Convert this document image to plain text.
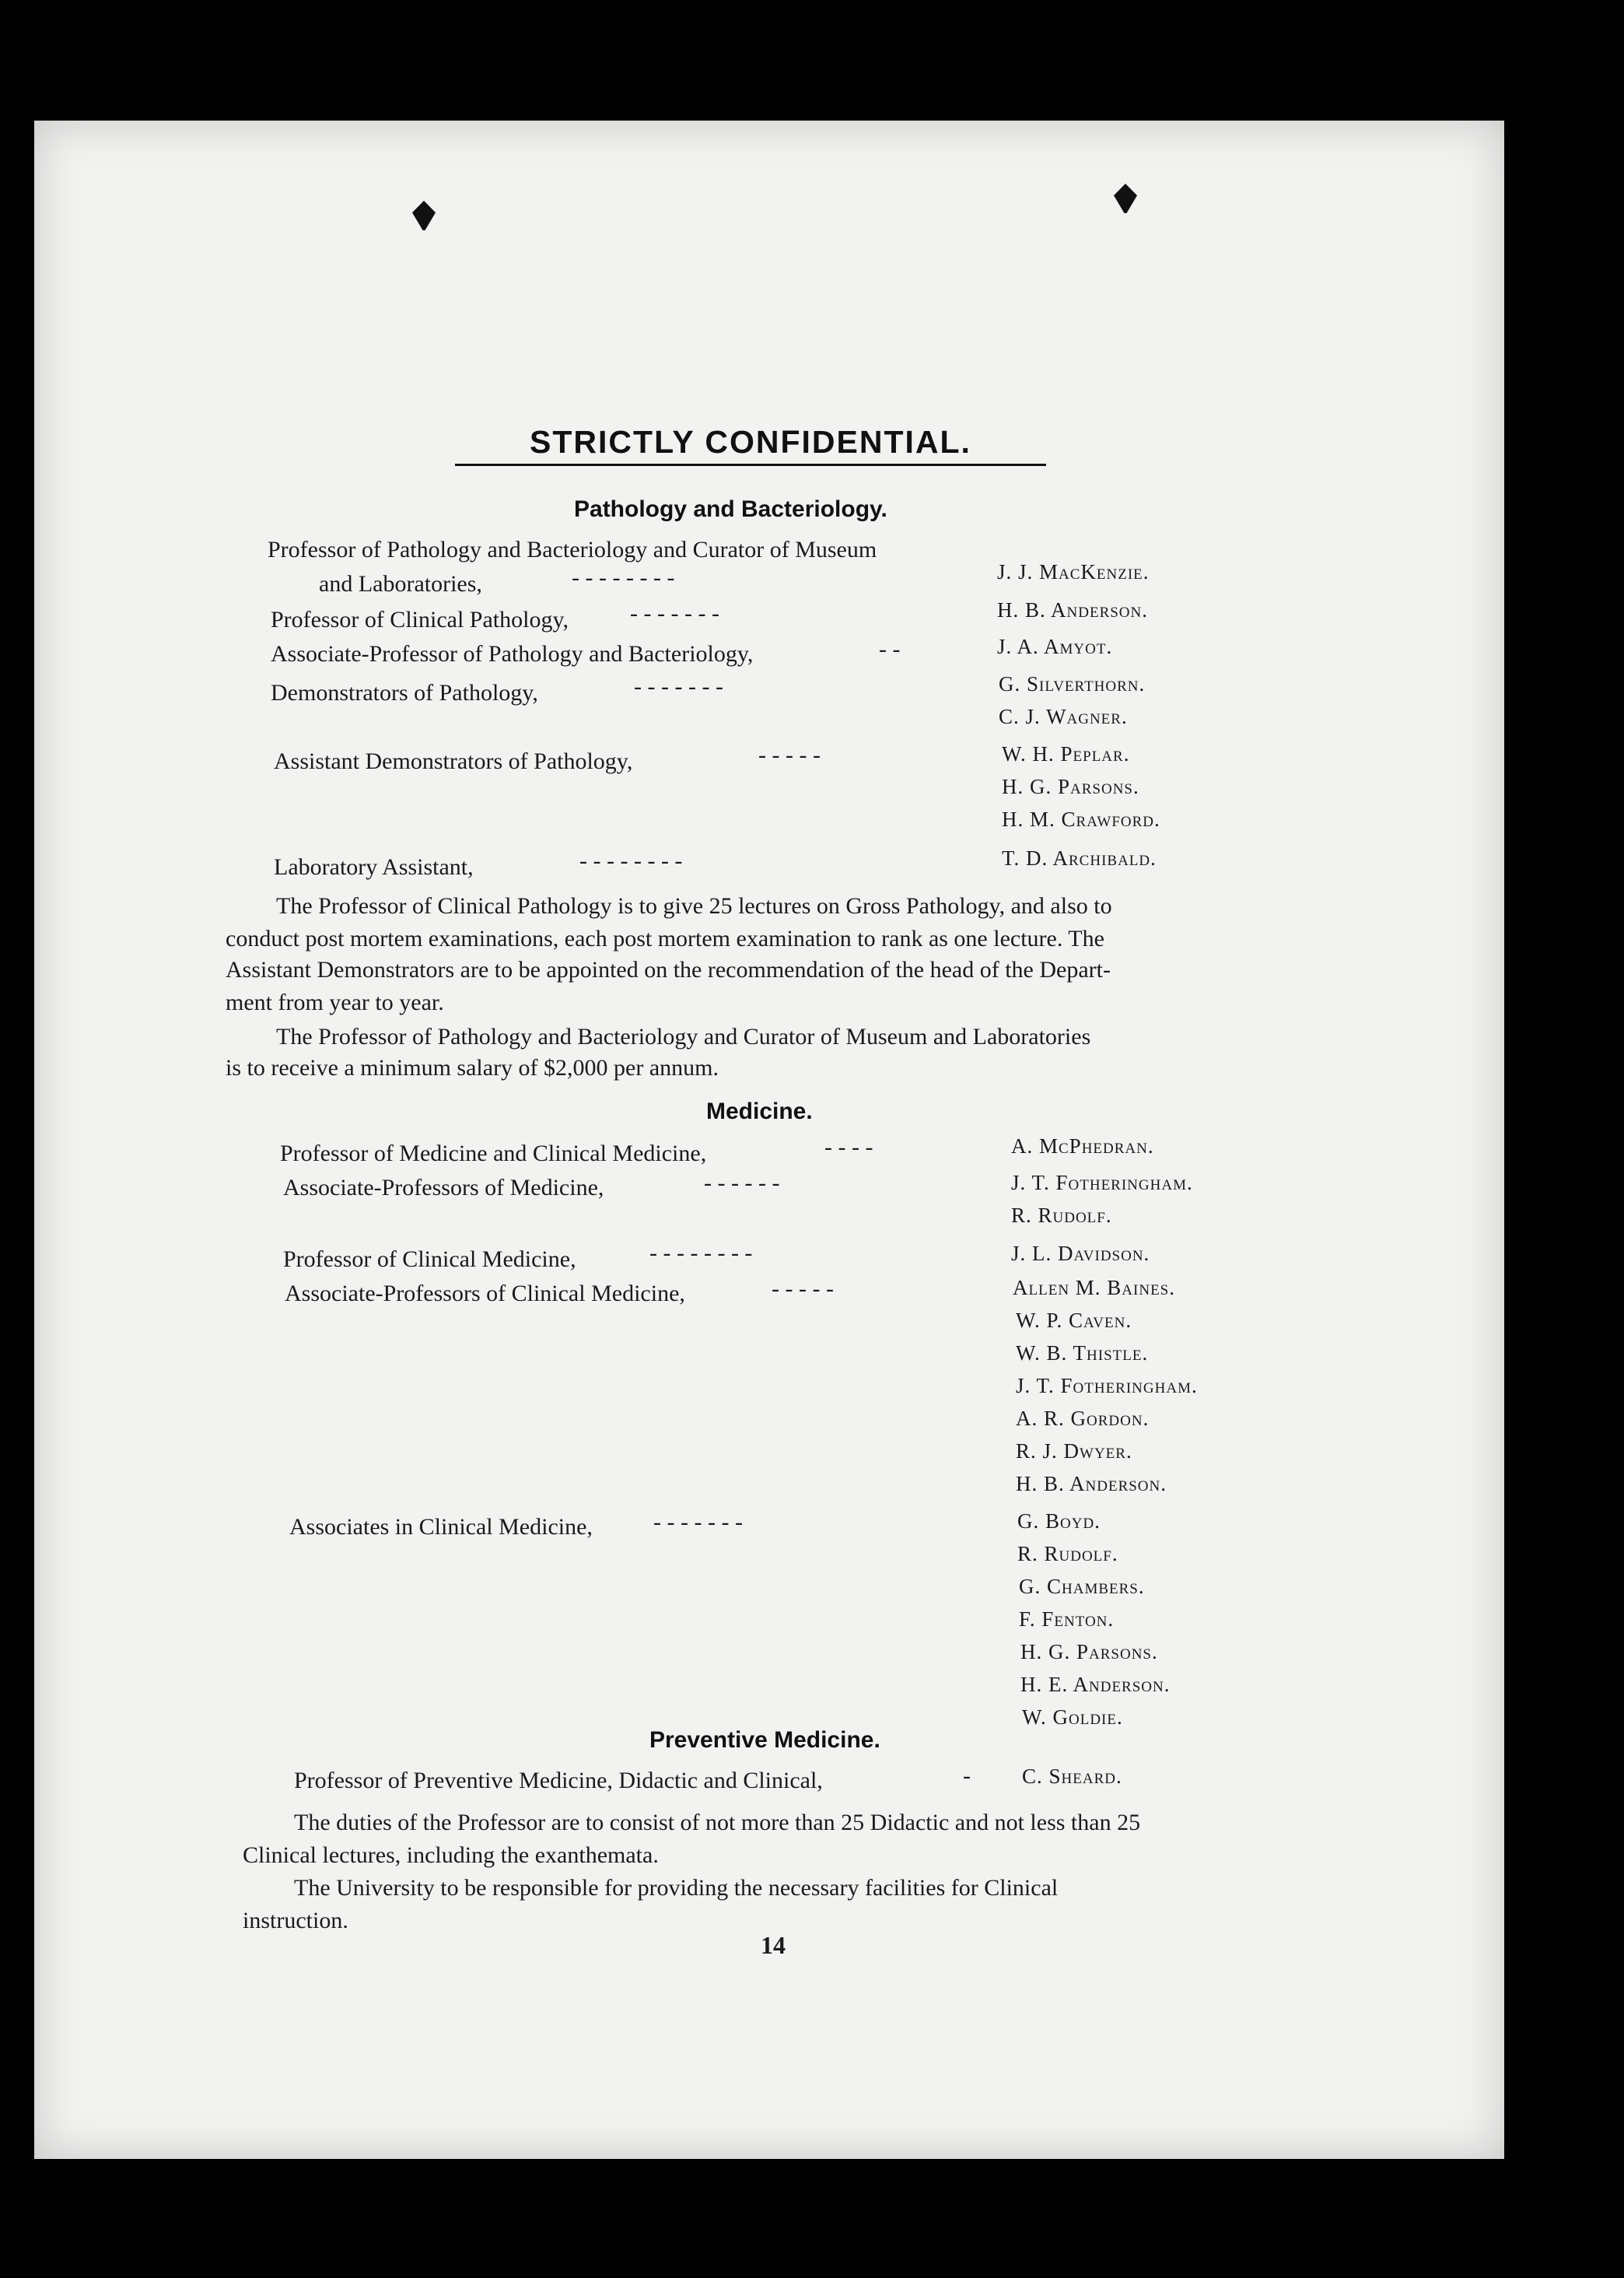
STRICTLY CONFIDENTIAL.
Pathology and Bacteriology.
Professor of Pathology and Bacteriology and Curator of Museum
and Laboratories,	- - - - - - - -	J. J. MacKenzie.
Professor of Clinical Pathology,	- - - - - - -	H. B. Anderson.
Associate-Professor of Pathology and Bacteriology,	- -	J. A. Amyot.
Demonstrators of Pathology,	- - - - - - -	G. Silverthorn.
C. J. Wagner.
Assistant Demonstrators of Pathology,	- - - - -	W. H. Peplar.
H. G. Parsons.
H. M. Crawford.
Laboratory Assistant,	- - - - - - - -	T. D. Archibald.
The Professor of Clinical Pathology is to give 25 lectures on Gross Pathology, and also to
conduct post mortem examinations, each post mortem examination to rank as one lecture. The
Assistant Demonstrators are to be appointed on the recommendation of the head of the Depart-
ment from year to year.
The Professor of Pathology and Bacteriology and Curator of Museum and Laboratories
is to receive a minimum salary of $2,000 per annum.
Medicine.
Professor of Medicine and Clinical Medicine,	- - - -	A. McPhedran.
Associate-Professors of Medicine,	- - - - - -	J. T. Fotheringham.
R. Rudolf.
Professor of Clinical Medicine,	- - - - - - - -	J. L. Davidson.
Associate-Professors of Clinical Medicine,	- - - - -	Allen M. Baines.
W. P. Caven.
W. B. Thistle.
J. T. Fotheringham.
A. R. Gordon.
R. J. Dwyer.
H. B. Anderson.
Associates in Clinical Medicine,	- - - - - - -	G. Boyd.
R. Rudolf.
G. Chambers.
F. Fenton.
H. G. Parsons.
H. E. Anderson.
W. Goldie.
Preventive Medicine.
Professor of Preventive Medicine, Didactic and Clinical,	- C. Sheard.
The duties of the Professor are to consist of not more than 25 Didactic and not less than 25
Clinical lectures, including the exanthemata.
The University to be responsible for providing the necessary facilities for Clinical
instruction.
14
